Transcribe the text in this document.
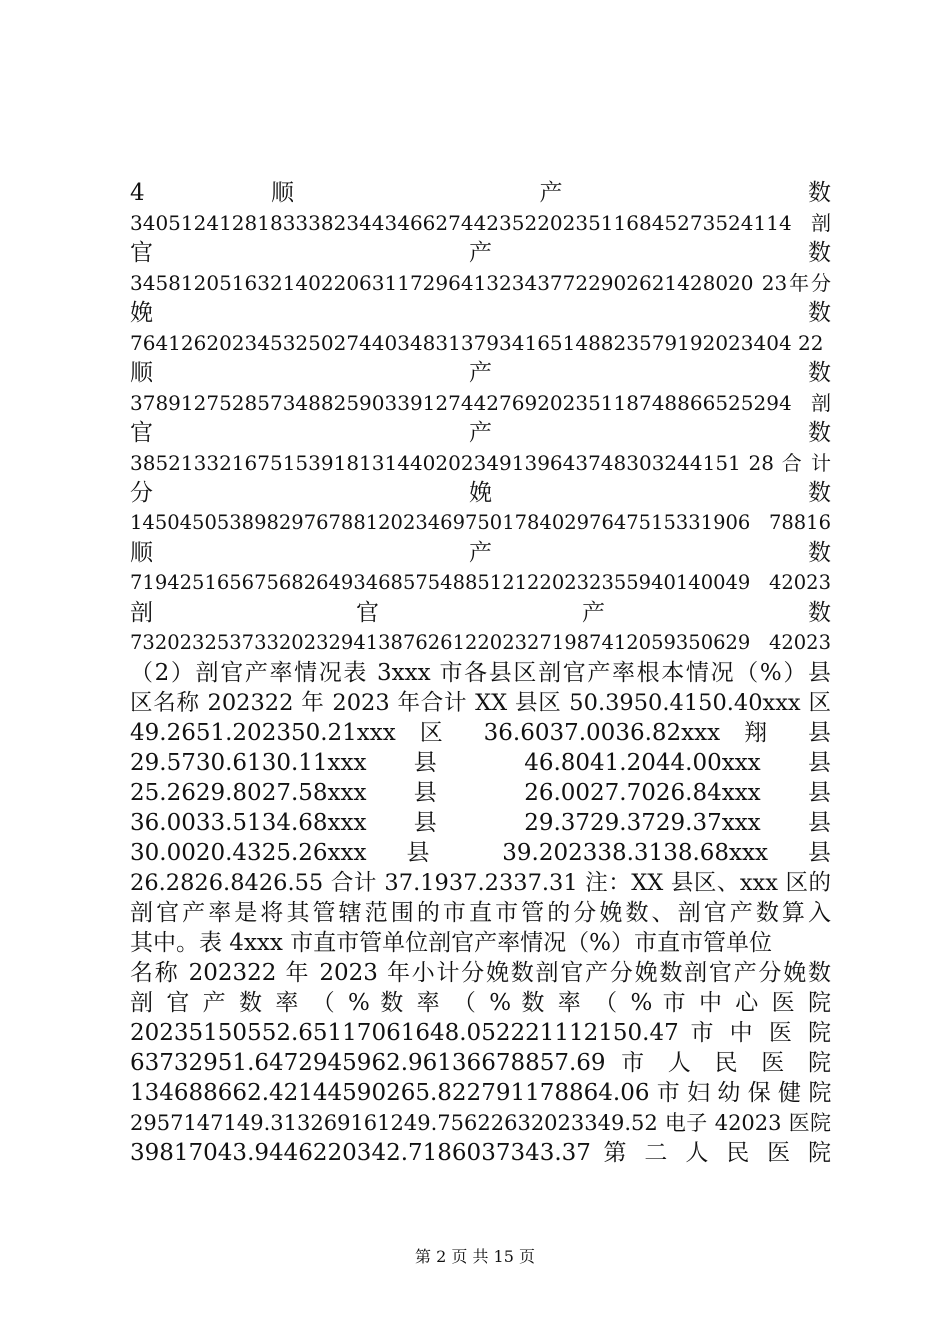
4 顺 产 数
3405124128183338234434662744235220235116845273524114 剖
官 产 数
3458120516321402206311729641323437722902621428020 23年分
娩 数
7641262023453250274403483137934165148823579192023404 22
顺 产 数
3789127528573488259033912744276920235118748866525294 剖
官 产 数
385213321675153918131440202349139643748303244151 28 合 计
分 娩 数
14504505389829767881202346975017840297647515331906 78816
顺 产 数
71942516567568264934685754885121220232355940140049 42023
剖 官 产 数
73202325373320232941387626122023271987412059350629 42023
（2）剖官产率情况表 3xxx 市各县区剖官产率根本情况（%）县
区名称 202322 年 2023 年合计 XX 县区 50.3950.4150.40xxx 区
49.2651.202350.21xxx 区 36.6037.0036.82xxx 翔 县
29.5730.6130.11xxx 县 46.8041.2044.00xxx 县
25.2629.8027.58xxx 县 26.0027.7026.84xxx 县
36.0033.5134.68xxx 县 29.3729.3729.37xxx 县
30.0020.4325.26xxx 县 39.202338.3138.68xxx 县
26.2826.8426.55 合计 37.1937.2337.31 注：XX 县区、xxx 区的
剖官产率是将其管辖范围的市直市管的分娩数、剖官产数算入
其中。表 4xxx 市直市管单位剖官产率情况（%）市直市管单位
名称 202322 年 2023 年小计分娩数剖官产分娩数剖官产分娩数
剖 官 产 数 率 （ % 数 率 （ % 数 率 （ % 市 中 心 医 院
20235150552.65117061648.052221112150.47 市 中 医 院
63732951.6472945962.96136678857.69 市 人 民 医 院
134688662.42144590265.822791178864.06 市 妇 幼 保 健 院
2957147149.313269161249.75622632023349.52 电子 42023 医院
39817043.9446220342.7186037343.37 第 二 人 民 医 院
第 2 页 共 15 页
